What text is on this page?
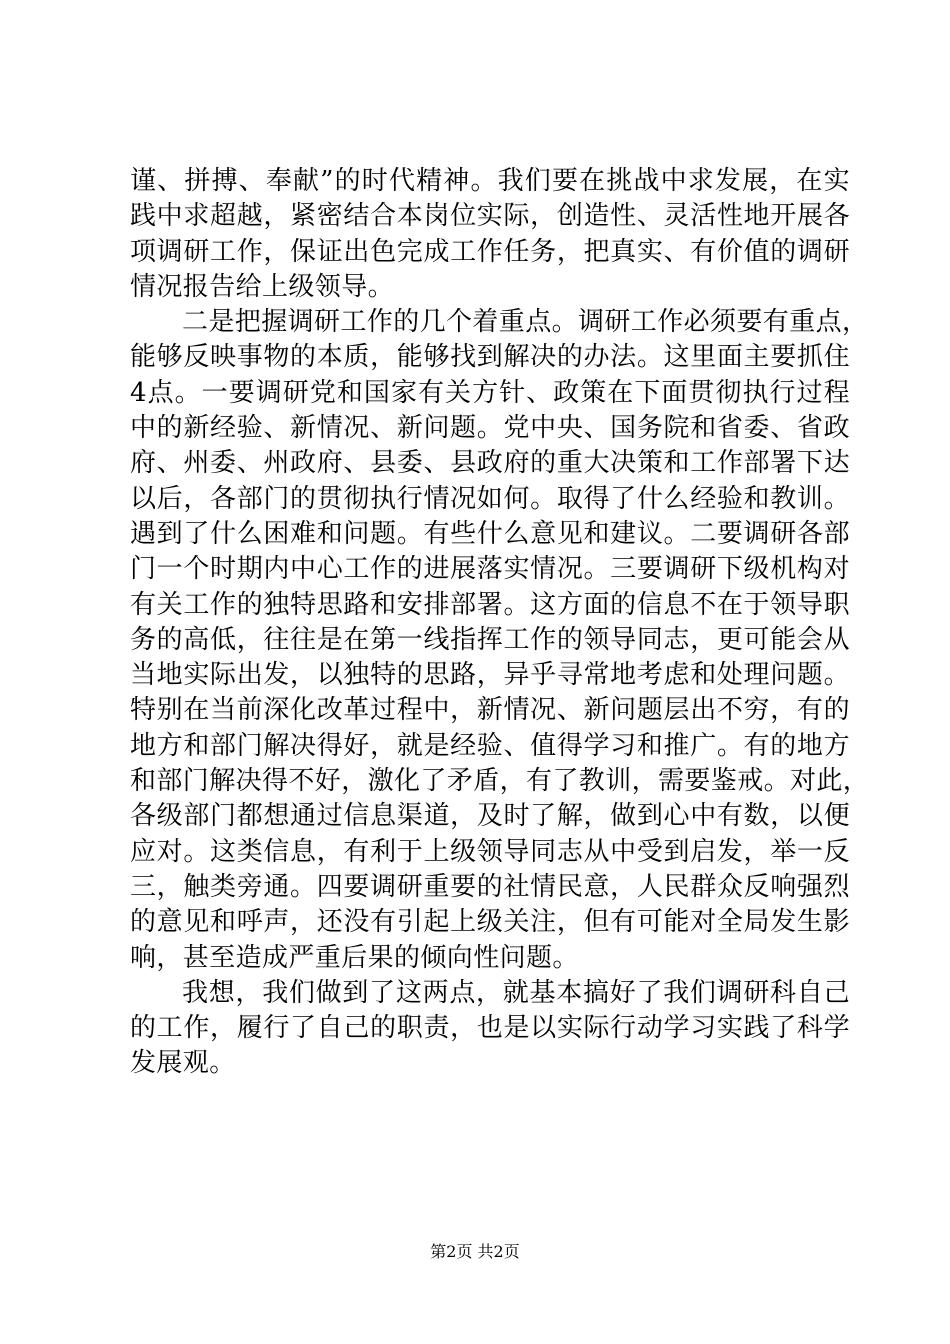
谨、拼搏、奉献”的时代精神。我们要在挑战中求发展，在实
践中求超越，紧密结合本岗位实际，创造性、灵活性地开展各
项调研工作，保证出色完成工作任务，把真实、有价值的调研
情况报告给上级领导。
二是把握调研工作的几个着重点。调研工作必须要有重点，
能够反映事物的本质，能够找到解决的办法。这里面主要抓住
4点。一要调研党和国家有关方针、政策在下面贯彻执行过程
中的新经验、新情况、新问题。党中央、国务院和省委、省政
府、州委、州政府、县委、县政府的重大决策和工作部署下达
以后，各部门的贯彻执行情况如何。取得了什么经验和教训。
遇到了什么困难和问题。有些什么意见和建议。二要调研各部
门一个时期内中心工作的进展落实情况。三要调研下级机构对
有关工作的独特思路和安排部署。这方面的信息不在于领导职
务的高低，往往是在第一线指挥工作的领导同志，更可能会从
当地实际出发，以独特的思路，异乎寻常地考虑和处理问题。
特别在当前深化改革过程中，新情况、新问题层出不穷，有的
地方和部门解决得好，就是经验、值得学习和推广。有的地方
和部门解决得不好，激化了矛盾，有了教训，需要鉴戒。对此，
各级部门都想通过信息渠道，及时了解，做到心中有数，以便
应对。这类信息，有利于上级领导同志从中受到启发，举一反
三，触类旁通。四要调研重要的社情民意，人民群众反响强烈
的意见和呼声，还没有引起上级关注，但有可能对全局发生影
响，甚至造成严重后果的倾向性问题。
我想，我们做到了这两点，就基本搞好了我们调研科自己
的工作，履行了自己的职责，也是以实际行动学习实践了科学
发展观。
第2页 共2页
